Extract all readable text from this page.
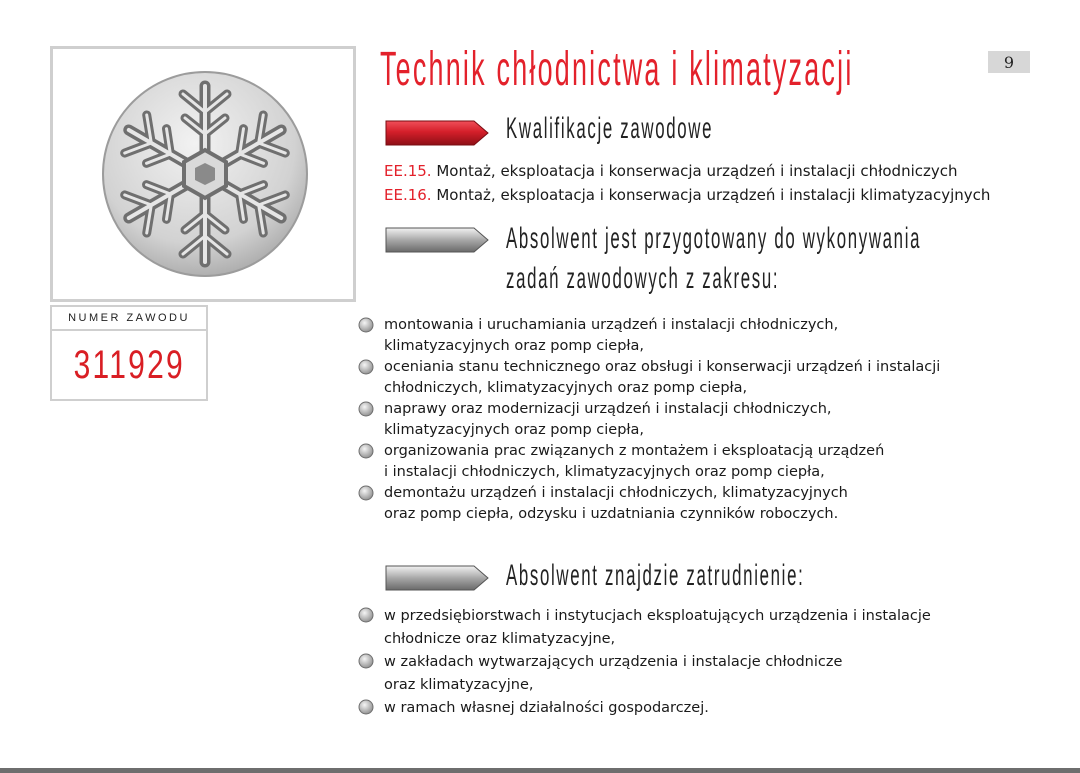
NUMER ZAWODU
311929
Technik chłodnictwa i klimatyzacji	9
Kwalifikacje zawodowe
EE.15. Montaż, eksploatacja i konserwacja urządzeń i instalacji chłodniczych
EE.16. Montaż, eksploatacja i konserwacja urządzeń i instalacji klimatyzacyjnych
Absolwent jest przygotowany do wykonywania
zadań zawodowych z zakresu:
montowania i uruchamiania urządzeń i instalacji chłodniczych,
klimatyzacyjnych oraz pomp ciepła,
oceniania stanu technicznego oraz obsługi i konserwacji urządzeń i instalacji
chłodniczych, klimatyzacyjnych oraz pomp ciepła,
naprawy oraz modernizacji urządzeń i instalacji chłodniczych,
klimatyzacyjnych oraz pomp ciepła,
organizowania prac związanych z montażem i eksploatacją urządzeń
i instalacji chłodniczych, klimatyzacyjnych oraz pomp ciepła,
demontażu urządzeń i instalacji chłodniczych, klimatyzacyjnych
oraz pomp ciepła, odzysku i uzdatniania czynników roboczych.
Absolwent znajdzie zatrudnienie:
w przedsiębiorstwach i instytucjach eksploatujących urządzenia i instalacje
chłodnicze oraz klimatyzacyjne,
w zakładach wytwarzających urządzenia i instalacje chłodnicze
oraz klimatyzacyjne,
w ramach własnej działalności gospodarczej.
